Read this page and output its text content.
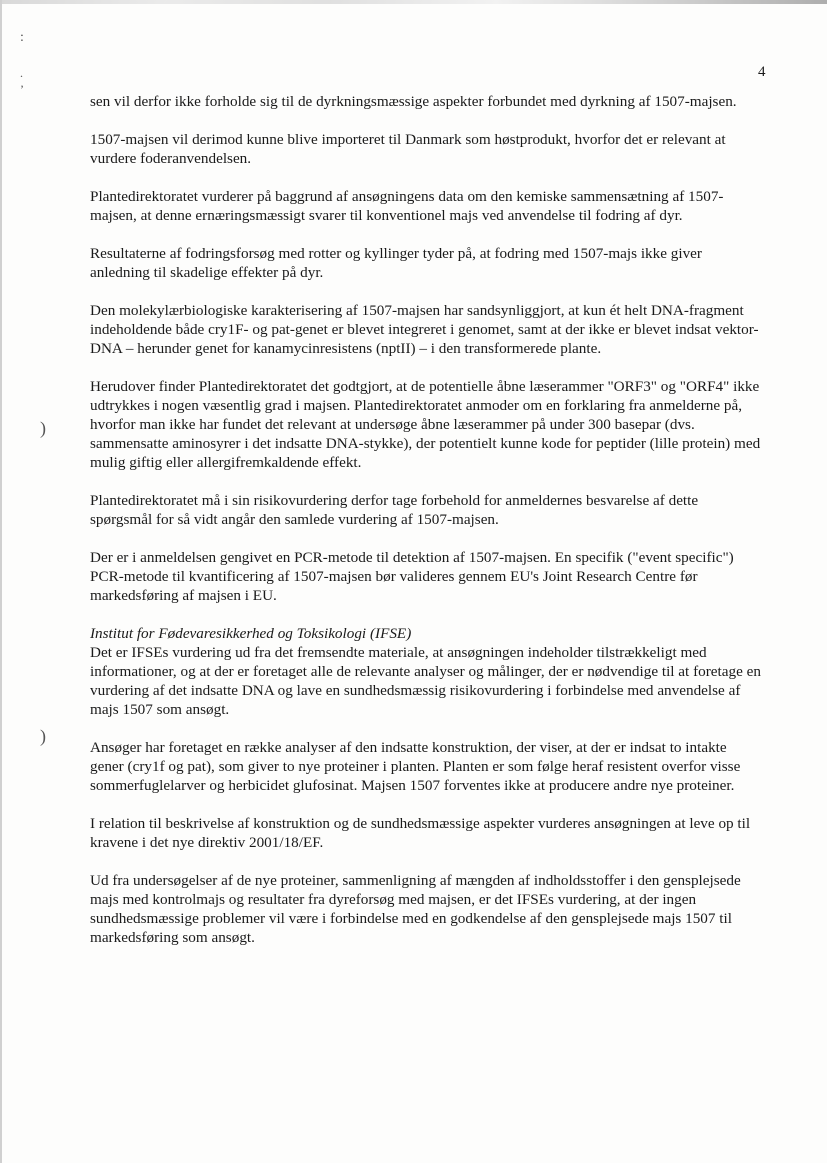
:
.
’
)
)
4

sen vil derfor ikke forholde sig til de dyrkningsmæssige aspekter forbundet med dyrkning af 1507-majsen.

1507-majsen vil derimod kunne blive importeret til Danmark som høstprodukt, hvorfor det er relevant at vurdere foderanvendelsen.

Plantedirektoratet vurderer på baggrund af ansøgningens data om den kemiske sammensætning af 1507-majsen, at denne ernæringsmæssigt svarer til konventionel majs ved anvendelse til fodring af dyr.

Resultaterne af fodringsforsøg med rotter og kyllinger tyder på, at fodring med 1507-majs ikke giver anledning til skadelige effekter på dyr.

Den molekylærbiologiske karakterisering af 1507-majsen har sandsynliggjort, at kun ét helt DNA-fragment indeholdende både cry1F- og pat-genet er blevet integreret i genomet, samt at der ikke er blevet indsat vektor-DNA – herunder genet for kanamycinresistens (nptII) – i den transformerede plante.

Herudover finder Plantedirektoratet det godtgjort, at de potentielle åbne læserammer "ORF3" og "ORF4" ikke udtrykkes i nogen væsentlig grad i majsen. Plantedirektoratet anmoder om en forklaring fra anmelderne på, hvorfor man ikke har fundet det relevant at undersøge åbne læserammer på under 300 basepar (dvs. sammensatte aminosyrer i det indsatte DNA-stykke), der potentielt kunne kode for peptider (lille protein) med mulig giftig eller allergifremkaldende effekt.

Plantedirektoratet må i sin risikovurdering derfor tage forbehold for anmeldernes besvarelse af dette spørgsmål for så vidt angår den samlede vurdering af 1507-majsen.

Der er i anmeldelsen gengivet en PCR-metode til detektion af 1507-majsen. En specifik ("event specific") PCR-metode til kvantificering af 1507-majsen bør valideres gennem EU's Joint Research Centre før markedsføring af majsen i EU.

Institut for Fødevaresikkerhed og Toksikologi (IFSE)

Det er IFSEs vurdering ud fra det fremsendte materiale, at ansøgningen indeholder tilstrækkeligt med informationer, og at der er foretaget alle de relevante analyser og målinger, der er nødvendige til at foretage en vurdering af det indsatte DNA og lave en sundhedsmæssig risikovurdering i forbindelse med anvendelse af majs 1507 som ansøgt.

Ansøger har foretaget en række analyser af den indsatte konstruktion, der viser, at der er indsat to intakte gener (cry1f og pat), som giver to nye proteiner i planten. Planten er som følge heraf resistent overfor visse sommerfuglelarver og herbicidet glufosinat. Majsen 1507 forventes ikke at producere andre nye proteiner.

I relation til beskrivelse af konstruktion og de sundhedsmæssige aspekter vurderes ansøgningen at leve op til kravene i det nye direktiv 2001/18/EF.

Ud fra undersøgelser af de nye proteiner, sammenligning af mængden af indholdsstoffer i den gensplejsede majs med kontrolmajs og resultater fra dyreforsøg med majsen, er det IFSEs vurdering, at der ingen sundhedsmæssige problemer vil være i forbindelse med en godkendelse af den gensplejsede majs 1507 til markedsføring som ansøgt.
